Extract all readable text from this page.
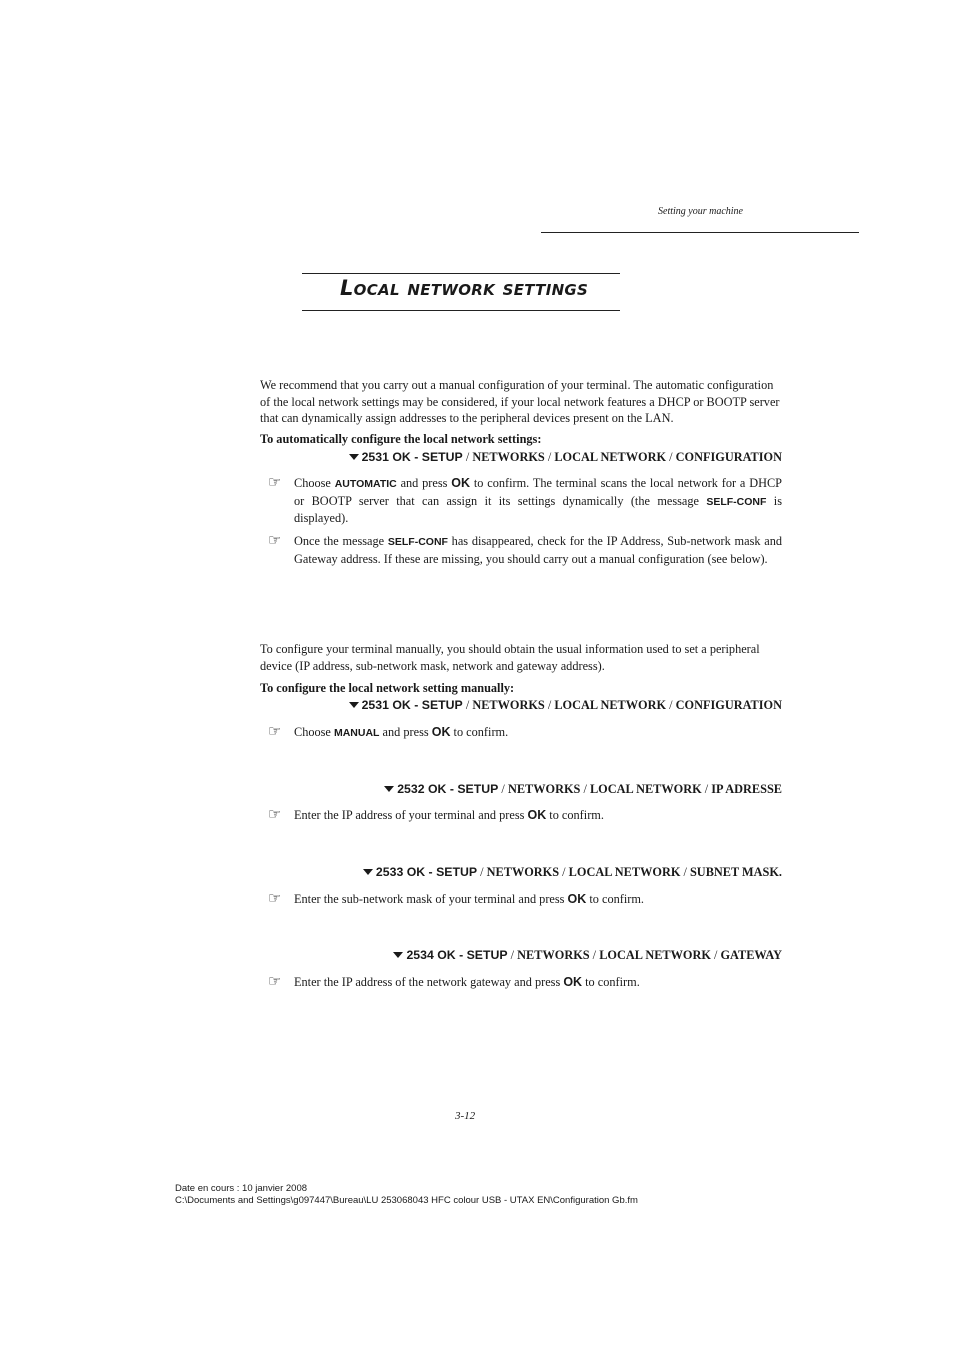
Setting your machine
Local network settings
We recommend that you carry out a manual configuration of your terminal. The automatic configuration of the local network settings may be considered, if your local network features a DHCP or BOOTP server that can dynamically assign addresses to the peripheral devices present on the LAN.
To automatically configure the local network settings:
2531 OK - SETUP / NETWORKS / LOCAL NETWORK / CONFIGURATION
☞ Choose AUTOMATIC and press OK to confirm. The terminal scans the local network for a DHCP or BOOTP server that can assign it its settings dynamically (the message SELF-CONF is displayed).
☞ Once the message SELF-CONF has disappeared, check for the IP Address, Sub-network mask and Gateway address. If these are missing, you should carry out a manual configuration (see below).
To configure your terminal manually, you should obtain the usual information used to set a peripheral device (IP address, sub-network mask, network and gateway address).
To configure the local network setting manually:
2531 OK - SETUP / NETWORKS / LOCAL NETWORK / CONFIGURATION
☞ Choose MANUAL and press OK to confirm.
2532 OK - SETUP / NETWORKS / LOCAL NETWORK / IP ADRESSE
☞ Enter the IP address of your terminal and press OK to confirm.
2533 OK - SETUP / NETWORKS / LOCAL NETWORK / SUBNET MASK.
☞ Enter the sub-network mask of your terminal and press OK to confirm.
2534 OK - SETUP / NETWORKS / LOCAL NETWORK / GATEWAY
☞ Enter the IP address of the network gateway and press OK to confirm.
3-12
Date en cours : 10 janvier 2008
C:\Documents and Settings\g097447\Bureau\LU 253068043 HFC colour USB - UTAX EN\Configuration Gb.fm
